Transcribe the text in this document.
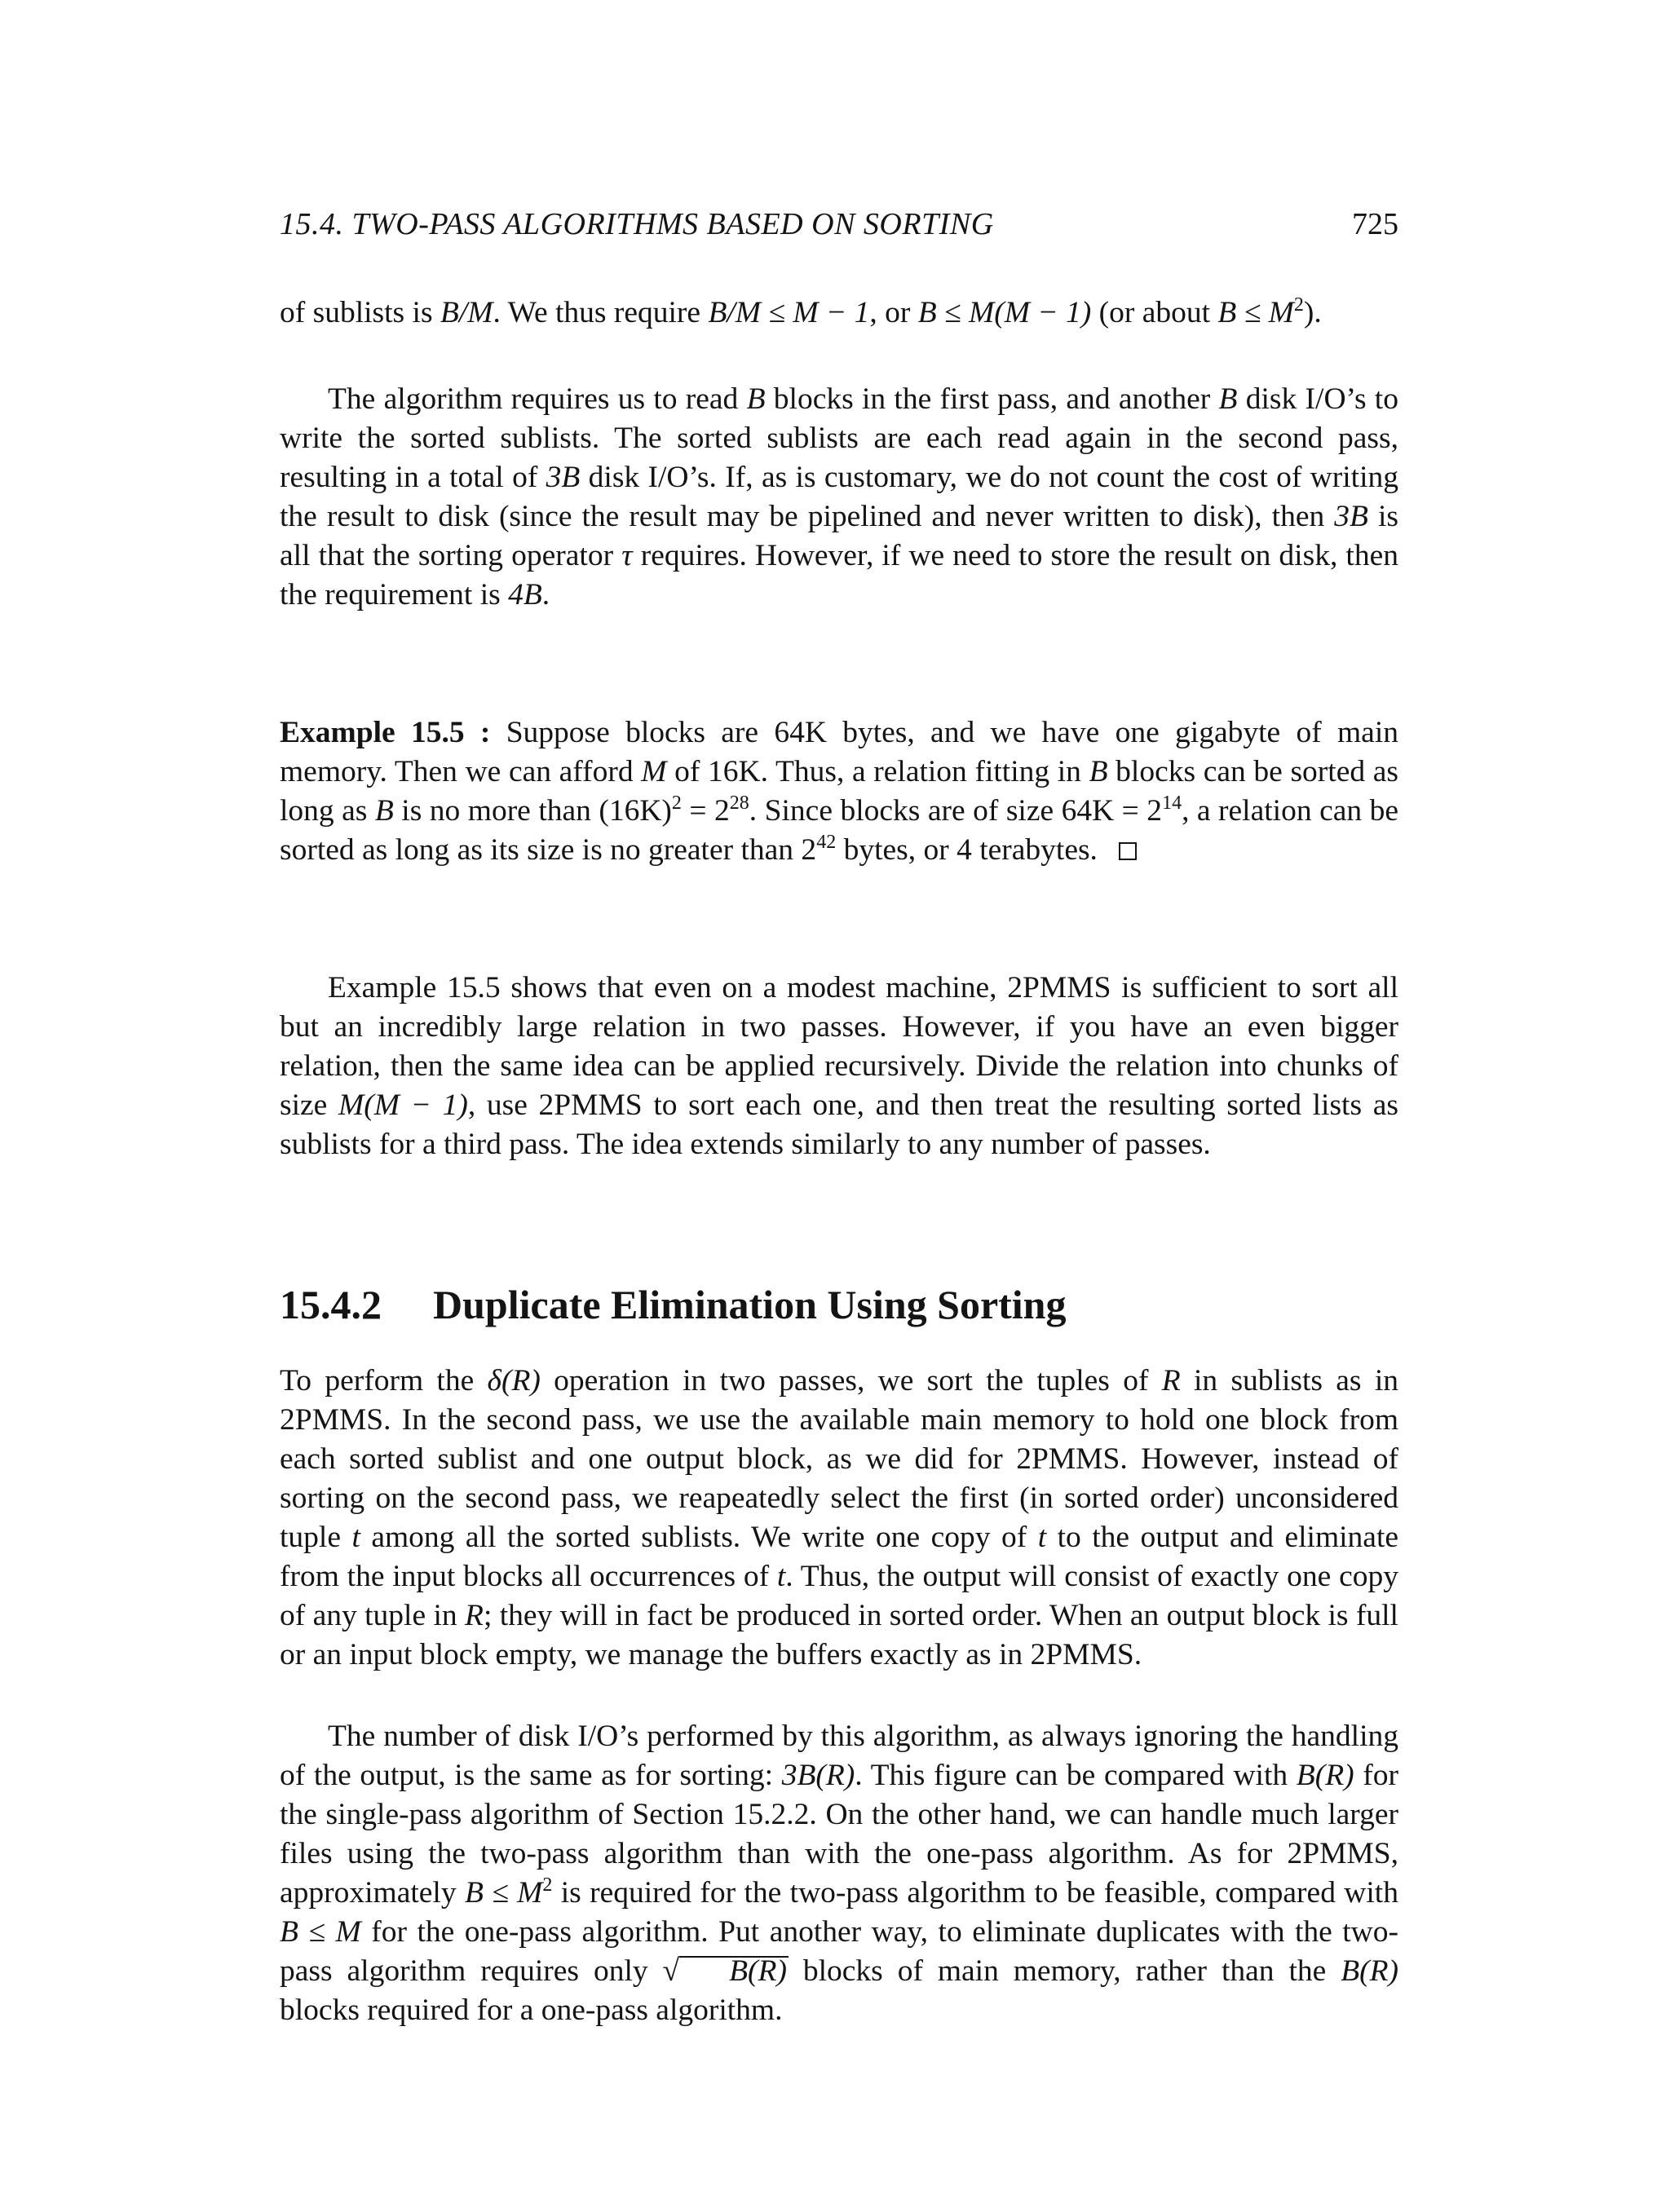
15.4. TWO-PASS ALGORITHMS BASED ON SORTING	725

of sublists is B/M. We thus require B/M ≤ M − 1, or B ≤ M(M − 1) (or about $B \le M^2$).

The algorithm requires us to read B blocks in the first pass, and another B disk I/O’s to write the sorted sublists. The sorted sublists are each read again in the second pass, resulting in a total of 3B disk I/O’s. If, as is customary, we do not count the cost of writing the result to disk (since the result may be pipelined and never written to disk), then 3B is all that the sorting operator τ requires. However, if we need to store the result on disk, then the requirement is 4B.

Example 15.5 : Suppose blocks are 64K bytes, and we have one gigabyte of main memory. Then we can afford M of 16K. Thus, a relation fitting in B blocks can be sorted as long as B is no more than $(16K)^2 = 2^{28}$. Since blocks are of size $64K = 2^{14}$, a relation can be sorted as long as its size is no greater than $2^{42}$ bytes, or 4 terabytes.

Example 15.5 shows that even on a modest machine, 2PMMS is sufficient to sort all but an incredibly large relation in two passes. However, if you have an even bigger relation, then the same idea can be applied recursively. Divide the relation into chunks of size M(M − 1), use 2PMMS to sort each one, and then treat the resulting sorted lists as sublists for a third pass. The idea extends similarly to any number of passes.

15.4.2 Duplicate Elimination Using Sorting

To perform the δ(R) operation in two passes, we sort the tuples of R in sublists as in 2PMMS. In the second pass, we use the available main memory to hold one block from each sorted sublist and one output block, as we did for 2PMMS. However, instead of sorting on the second pass, we reapeatedly select the first (in sorted order) unconsidered tuple t among all the sorted sublists. We write one copy of t to the output and eliminate from the input blocks all occurrences of t. Thus, the output will consist of exactly one copy of any tuple in R; they will in fact be produced in sorted order. When an output block is full or an input block empty, we manage the buffers exactly as in 2PMMS.

The number of disk I/O’s performed by this algorithm, as always ignoring the handling of the output, is the same as for sorting: 3B(R). This figure can be compared with B(R) for the single-pass algorithm of Section 15.2.2. On the other hand, we can handle much larger files using the two-pass algorithm than with the one-pass algorithm. As for 2PMMS, approximately $B \le M^2$ is required for the two-pass algorithm to be feasible, compared with B ≤ M for the one-pass algorithm. Put another way, to eliminate duplicates with the two-pass algorithm requires only √ B(R) blocks of main memory, rather than the B(R) blocks required for a one-pass algorithm.
